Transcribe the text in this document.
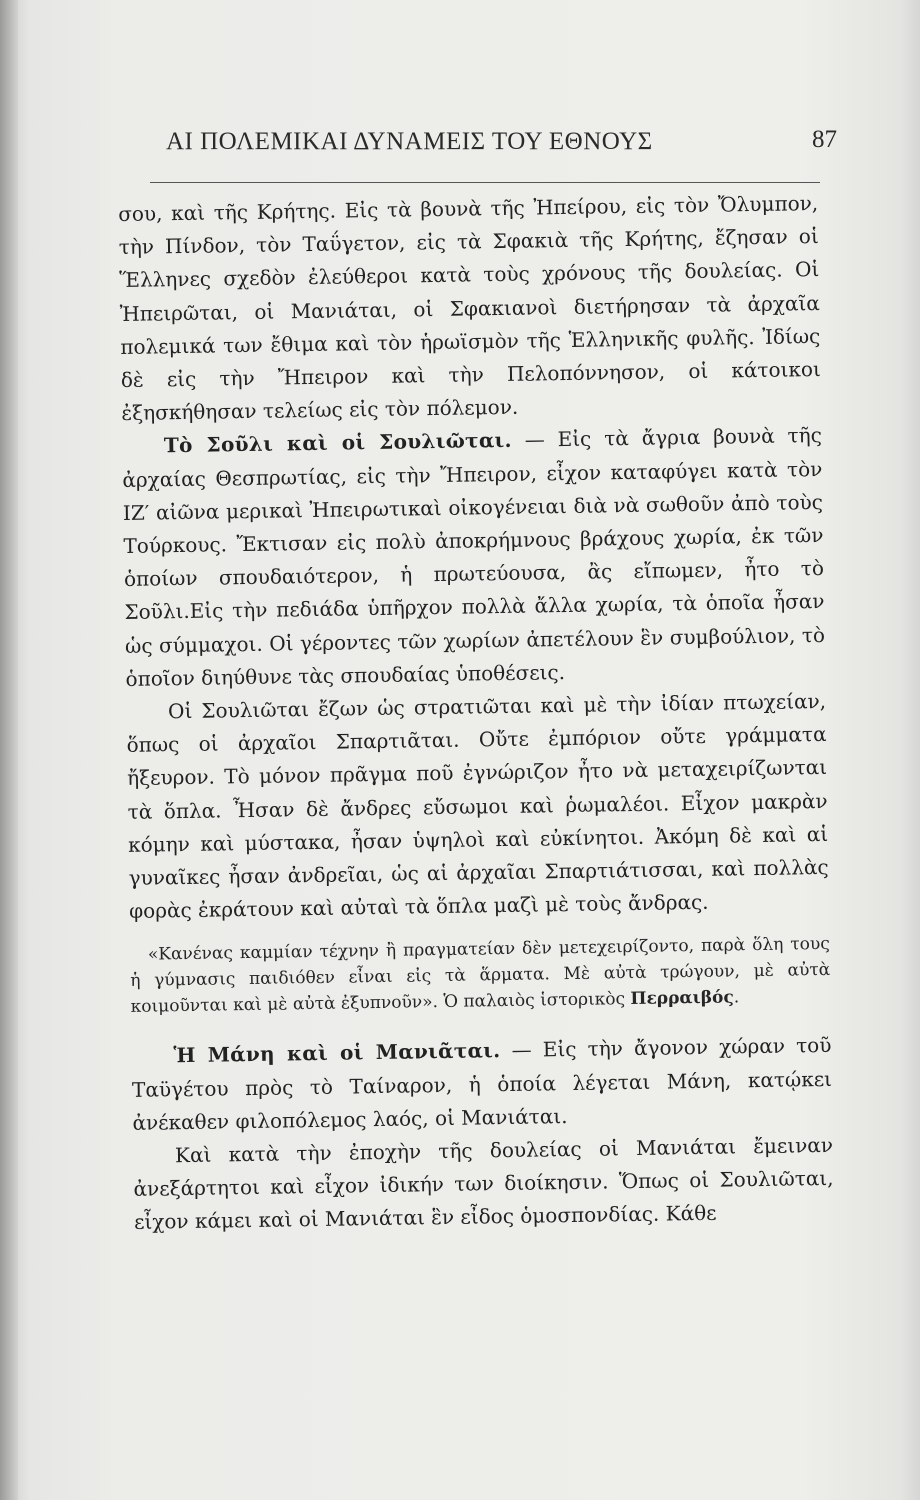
ΑΙ ΠΟΛΕΜΙΚΑΙ ΔΥΝΑΜΕΙΣ ΤΟΥ ΕΘΝΟΥΣ	87

σου, καὶ τῆς Κρήτης. Εἰς τὰ βουνὰ τῆς Ἠπείρου, εἰς τὸν Ὄλυμπον, τὴν Πίνδον, τὸν Ταΰγετον, εἰς τὰ Σφακιὰ τῆς Κρήτης, ἔζησαν οἱ Ἕλληνες σχεδὸν ἐλεύθεροι κατὰ τοὺς χρόνους τῆς δουλείας. Οἱ Ἠπειρῶται, οἱ Μανιάται, οἱ Σφακιανοὶ διετήρησαν τὰ ἀρχαῖα πολεμικά των ἔθιμα καὶ τὸν ἡρωϊσμὸν τῆς Ἑλληνικῆς φυλῆς. Ἰδίως δὲ εἰς τὴν Ἤπειρον καὶ τὴν Πελοπόννησον, οἱ κάτοικοι ἐξησκήθησαν τελείως εἰς τὸν πόλεμον.

Τὸ Σοῦλι καὶ οἱ Σουλιῶται. — Εἰς τὰ ἄγρια βουνὰ τῆς ἀρχαίας Θεσπρωτίας, εἰς τὴν Ἤπειρον, εἶχον καταφύγει κατὰ τὸν ΙΖ′ αἰῶνα μερικαὶ Ἠπειρωτικαὶ οἰκογένειαι διὰ νὰ σωθοῦν ἀπὸ τοὺς Τούρκους. Ἔκτισαν εἰς πολὺ ἀποκρήμνους βράχους χωρία, ἐκ τῶν ὁποίων σπουδαιότερον, ἡ πρωτεύουσα, ἂς εἴπωμεν, ἦτο τὸ Σοῦλι.Εἰς τὴν πεδιάδα ὑπῆρχον πολλὰ ἄλλα χωρία, τὰ ὁποῖα ἦσαν ὡς σύμμαχοι. Οἱ γέροντες τῶν χωρίων ἀπετέλουν ἓν συμβούλιον, τὸ ὁποῖον διηύθυνε τὰς σπουδαίας ὑποθέσεις.

Οἱ Σουλιῶται ἔζων ὡς στρατιῶται καὶ μὲ τὴν ἰδίαν πτωχείαν, ὅπως οἱ ἀρχαῖοι Σπαρτιᾶται. Οὔτε ἐμπόριον οὔτε γράμματα ἤξευρον. Τὸ μόνον πρᾶγμα ποῦ ἐγνώριζον ἦτο νὰ μεταχειρίζωνται τὰ ὅπλα. Ἦσαν δὲ ἄνδρες εὔσωμοι καὶ ῥωμαλέοι. Εἶχον μακρὰν κόμην καὶ μύστακα, ἦσαν ὑψηλοὶ καὶ εὐκίνητοι. Ἀκόμη δὲ καὶ αἱ γυναῖκες ἦσαν ἀνδρεῖαι, ὡς αἱ ἀρχαῖαι Σπαρτιάτισσαι, καὶ πολλὰς φορὰς ἐκράτουν καὶ αὐταὶ τὰ ὅπλα μαζὶ μὲ τοὺς ἄνδρας.

«Κανένας καμμίαν τέχνην ἢ πραγματείαν δὲν μετεχειρίζοντο, παρὰ ὅλη τους ἡ γύμνασις παιδιόθεν εἶναι εἰς τὰ ἅρματα. Μὲ αὐτὰ τρώγουν, μὲ αὐτὰ κοιμοῦνται καὶ μὲ αὐτὰ ἐξυπνοῦν». Ὁ παλαιὸς ἱστορικὸς Περραιβός.

Ἡ Μάνη καὶ οἱ Μανιᾶται. — Εἰς τὴν ἄγονον χώραν τοῦ Ταϋγέτου πρὸς τὸ Ταίναρον, ἡ ὁποία λέγεται Μάνη, κατῴκει ἀνέκαθεν φιλοπόλεμος λαός, οἱ Μανιάται.

Καὶ κατὰ τὴν ἐποχὴν τῆς δουλείας οἱ Μανιάται ἔμειναν ἀνεξάρτητοι καὶ εἶχον ἰδικήν των διοίκησιν. Ὅπως οἱ Σουλιῶται, εἶχον κάμει καὶ οἱ Μανιάται ἓν εἶδος ὁμοσπονδίας. Κάθε
